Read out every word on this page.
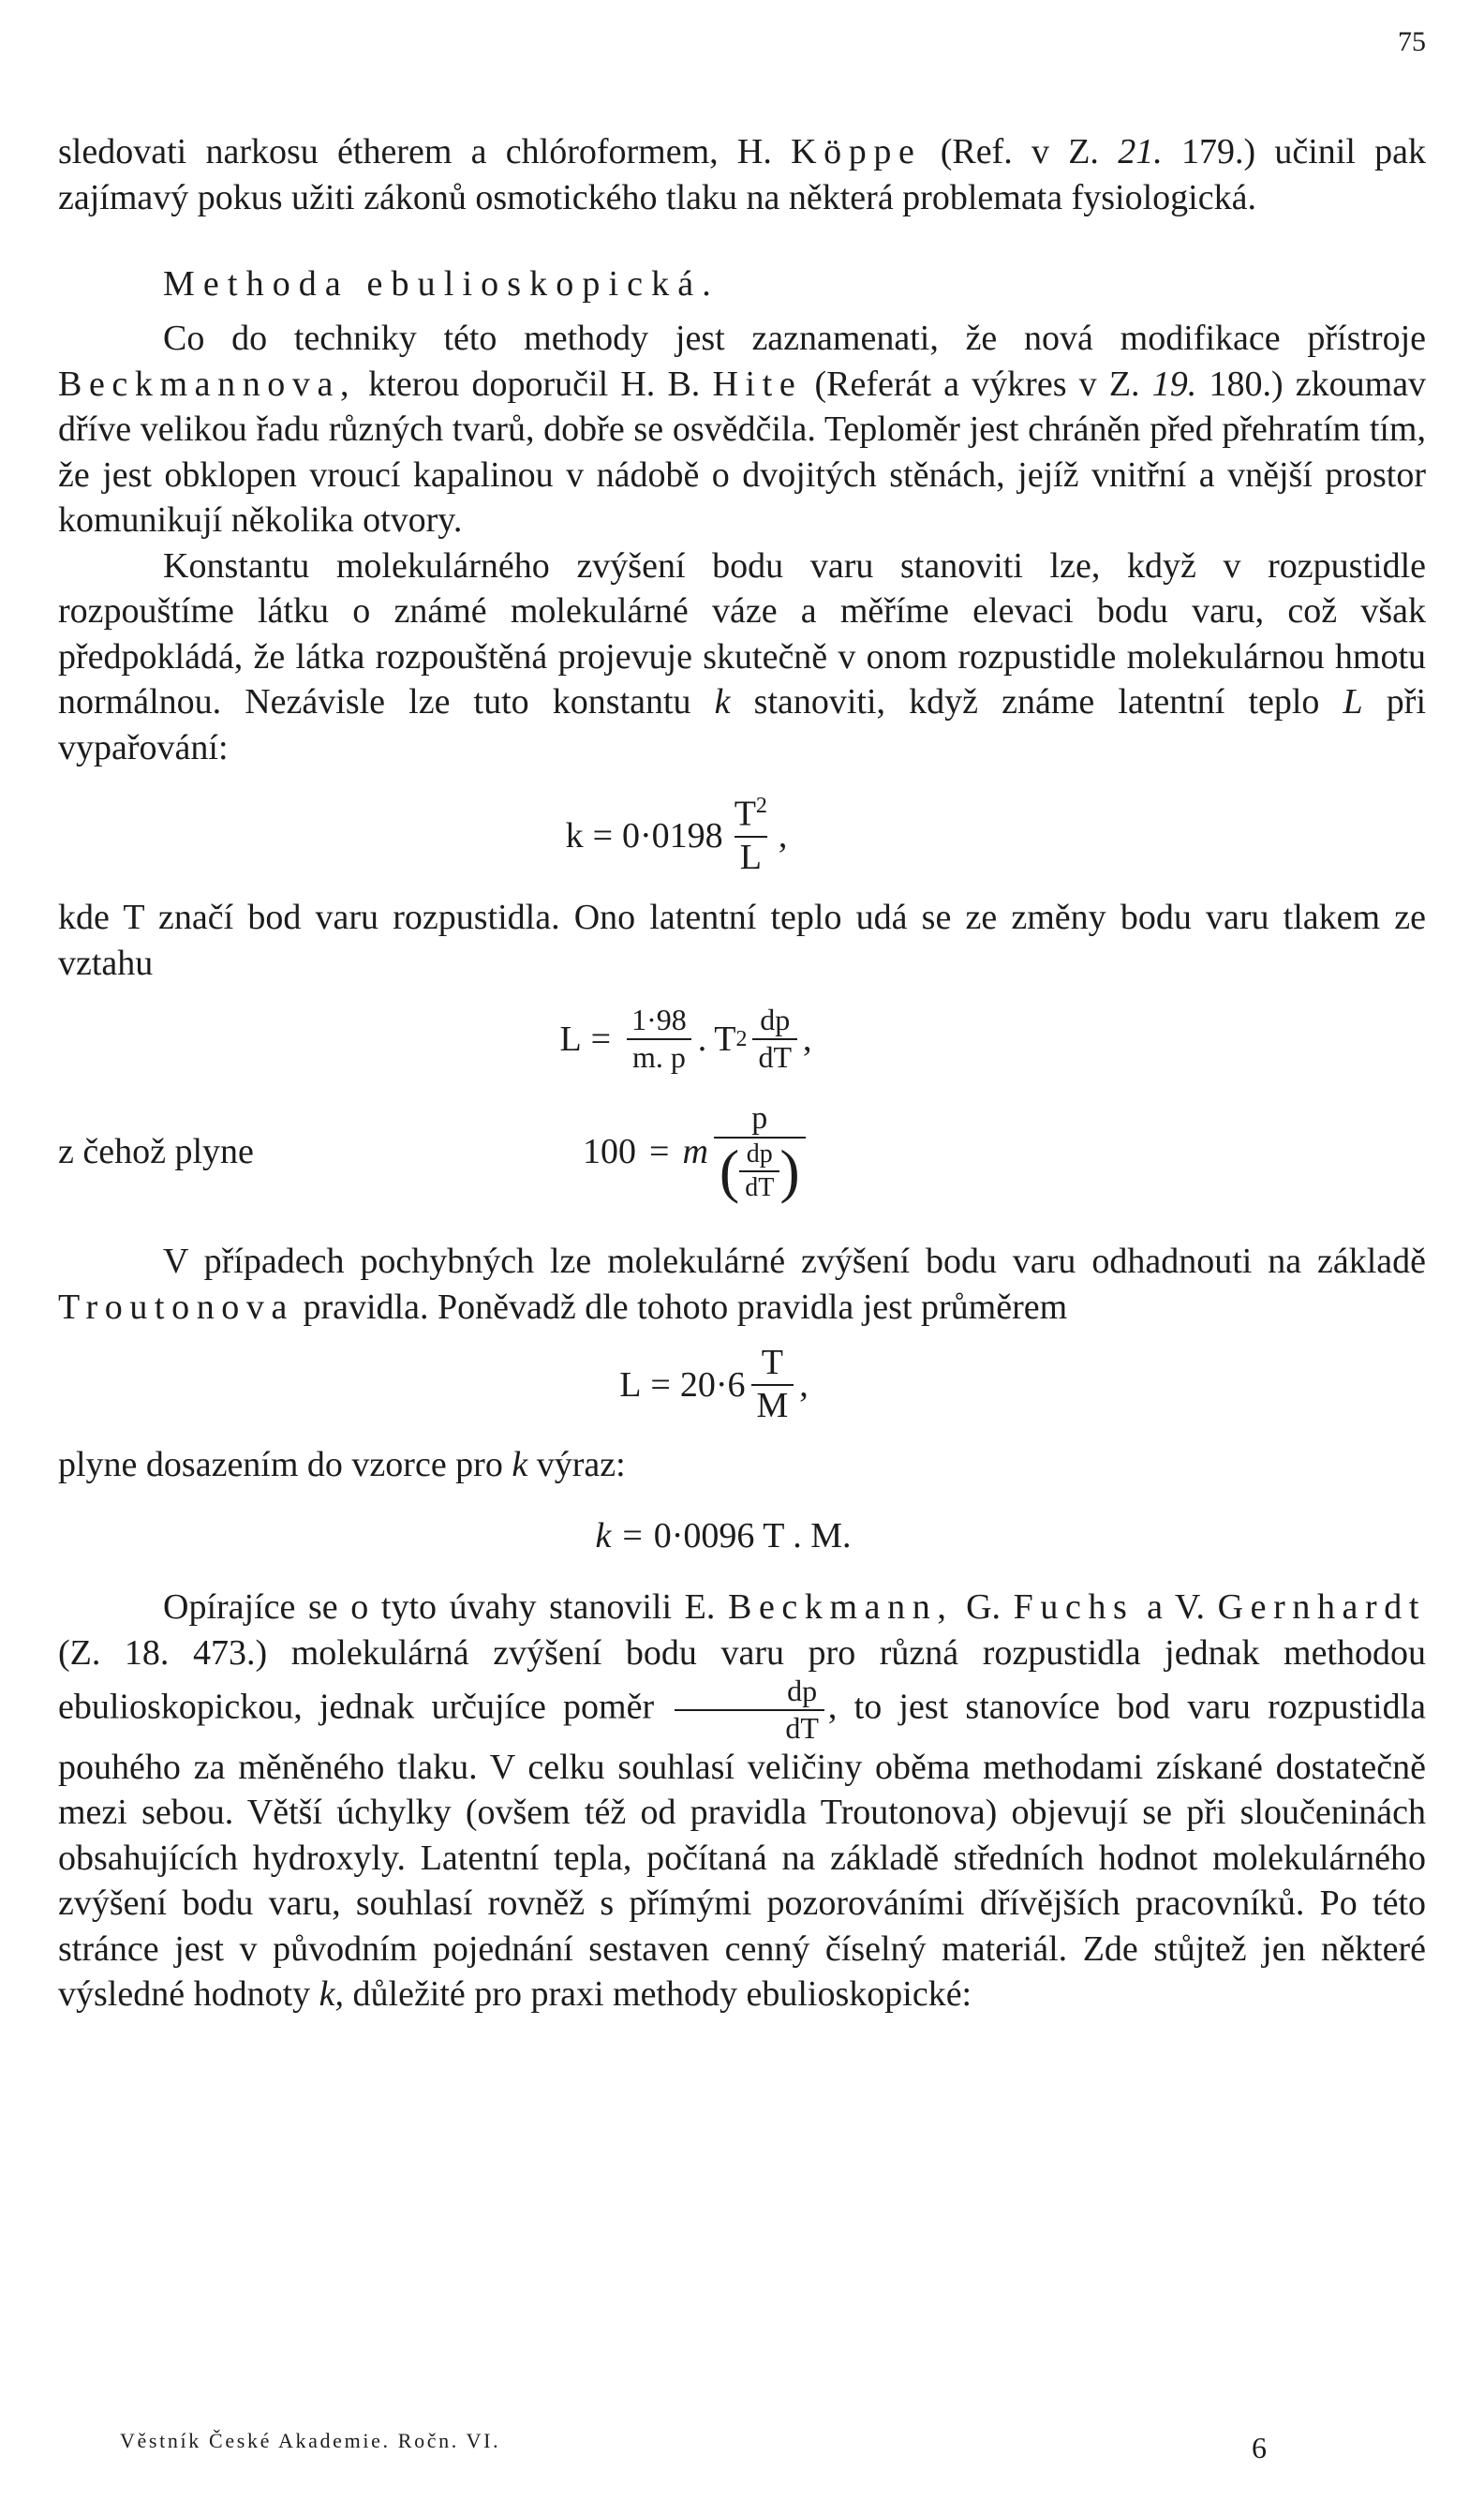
75

sledovati narkosu étherem a chlóroformem, H. Köppe (Ref. v Z. 21. 179.) učinil pak zajímavý pokus užiti zákonů osmotického tlaku na některá problemata fysiologická.

Methoda ebulioskopická.

Co do techniky této methody jest zaznamenati, že nová modifikace přístroje Beckmannova, kterou doporučil H. B. Hite (Referát a výkres v Z. 19. 180.) zkoumav dříve velikou řadu různých tvarů, dobře se osvědčila. Teploměr jest chráněn před přehratím tím, že jest obklopen vroucí kapalinou v nádobě o dvojitých stěnách, jejíž vnitřní a vnější prostor komunikují několika otvory.

Konstantu molekulárného zvýšení bodu varu stanoviti lze, když v rozpustidle rozpouštíme látku o známé molekulárné váze a měříme elevaci bodu varu, což však předpokládá, že látka rozpouštěná projevuje skutečně v onom rozpustidle molekulárnou hmotu normálnou. Nezávisle lze tuto konstantu k stanoviti, když známe latentní teplo L při vypařování:

$k = 0\cdot 0198 \frac{T^2}{L}$ ,

kde T značí bod varu rozpustidla. Ono latentní teplo udá se ze změny bodu varu tlakem ze vztahu

$L = \frac{1\cdot 98}{m. p}$ . T $2 \frac{dp}{dT}$ ,
z čehož plyne	100 = m
p
( $\frac{dp}{dT}$ )

V případech pochybných lze molekulárné zvýšení bodu varu odhadnouti na základě Troutonova pravidla. Poněvadž dle tohoto pravidla jest průměrem

$L = 20\cdot 6 \frac{T}{M}$ ,

plyne dosazením do vzorce pro k výraz:

k = 0·0096 T . M.

Opírajíce se o tyto úvahy stanovili E. Beckmann, G. Fuchs a V. Gernhardt (Z. 18. 473.) molekulárná zvýšení bodu varu pro různá rozpustidla jednak methodou ebulioskopickou, jednak určujíce poměr $\frac{dp}{dT}$ , to jest stanovíce bod varu rozpustidla pouhého za měněného tlaku. V celku souhlasí veličiny oběma methodami získané dostatečně mezi sebou. Větší úchylky (ovšem též od pravidla Troutonova) objevují se při sloučeninách obsahujících hydroxyly. Latentní tepla, počítaná na základě středních hodnot molekulárného zvýšení bodu varu, souhlasí rovněž s přímými pozorováními dřívějších pracovníků. Po této stránce jest v původním pojednání sestaven cenný číselný materiál. Zde stůjtež jen některé výsledné hodnoty k, důležité pro praxi methody ebulioskopické:

Věstník České Akademie. Ročn. VI.	6
